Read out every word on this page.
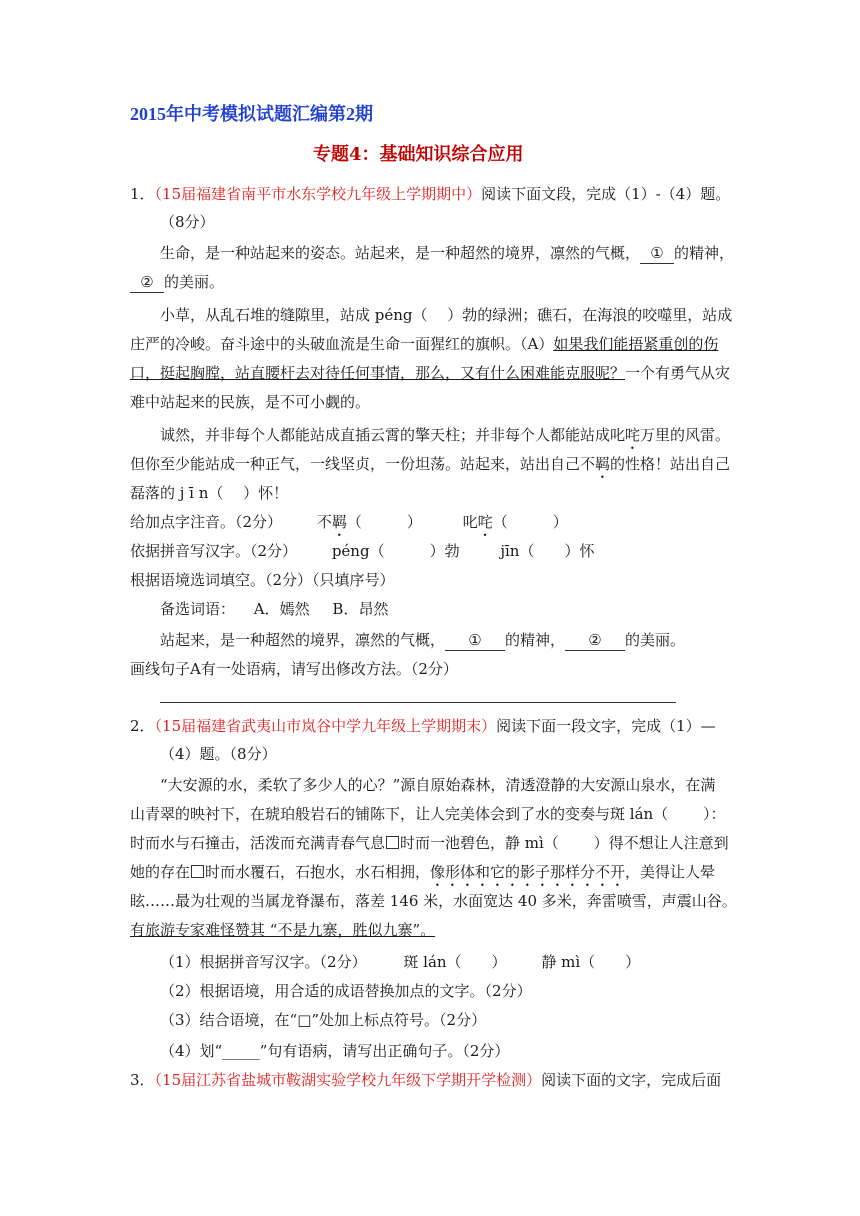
2015年中考模拟试题汇编第2期
专题4：基础知识综合应用
1．（15届福建省南平市水东学校九年级上学期期中）阅读下面文段，完成（1）-（4）题。
（8分）
生命，是一种站起来的姿态。站起来，是一种超然的境界，凛然的气概， ① 的精神，
② 的美丽。
小草，从乱石堆的缝隙里，站成 péng（　 ）勃的绿洲；礁石，在海浪的咬噬里，站成
庄严的冷峻。奋斗途中的头破血流是生命一面猩红的旗帜。（A）如果我们能捂紧重创的伤
口，挺起胸膛，站直腰杆去对待任何事情，那么，又有什么困难能克服呢？一个有勇气从灾
难中站起来的民族，是不可小觑的。
诚然，并非每个人都能站成直插云霄的擎天柱；并非每个人都能站成叱咤万里的风雷。
但你至少能站成一种正气，一线坚贞，一份坦荡。站起来，站出自己不羁的性格！站出自己
磊落的 j ī n（　 ）怀！
给加点字注音。（2分） 不羁（　　　）	叱咤（　　　）
依据拼音写汉字。（2分） péng（　　　）勃	jīn（　　）怀
根据语境选词填空。（2分）（只填序号）
备选词语： A．嫣然 B．昂然
站起来，是一种超然的境界，凛然的气概， ① 的精神， ② 的美丽。
画线句子A有一处语病，请写出修改方法。（2分）
2．（15届福建省武夷山市岚谷中学九年级上学期期末）阅读下面一段文字，完成（1）—
（4）题。（8分）
“大安源的水，柔软了多少人的心？”源自原始森林，清透澄静的大安源山泉水，在满
山青翠的映衬下，在琥珀般岩石的铺陈下，让人完美体会到了水的变奏与斑 lán（　　 ）：
时而水与石撞击，活泼而充满青春气息 时而一池碧色，静 mì（　　 ）得不想让人注意到
她的存在 时而水覆石，石抱水，水石相拥，像形体和它的影子那样分不开，美得让人晕
眩……最为壮观的当属龙脊瀑布，落差 146 米，水面宽达 40 多米，奔雷喷雪，声震山谷。
有旅游专家难怪赞其 “不是九寨，胜似九寨”。
（1）根据拼音写汉字。（2分） 斑 lán（　　） 静 mì（　　）
（2）根据语境，用合适的成语替换加点的文字。（2分）
（3）结合语境，在“□”处加上标点符号。（2分）
（4）划“_____”句有语病，请写出正确句子。（2分）
3．（15届江苏省盐城市鞍湖实验学校九年级下学期开学检测）阅读下面的文字，完成后面
